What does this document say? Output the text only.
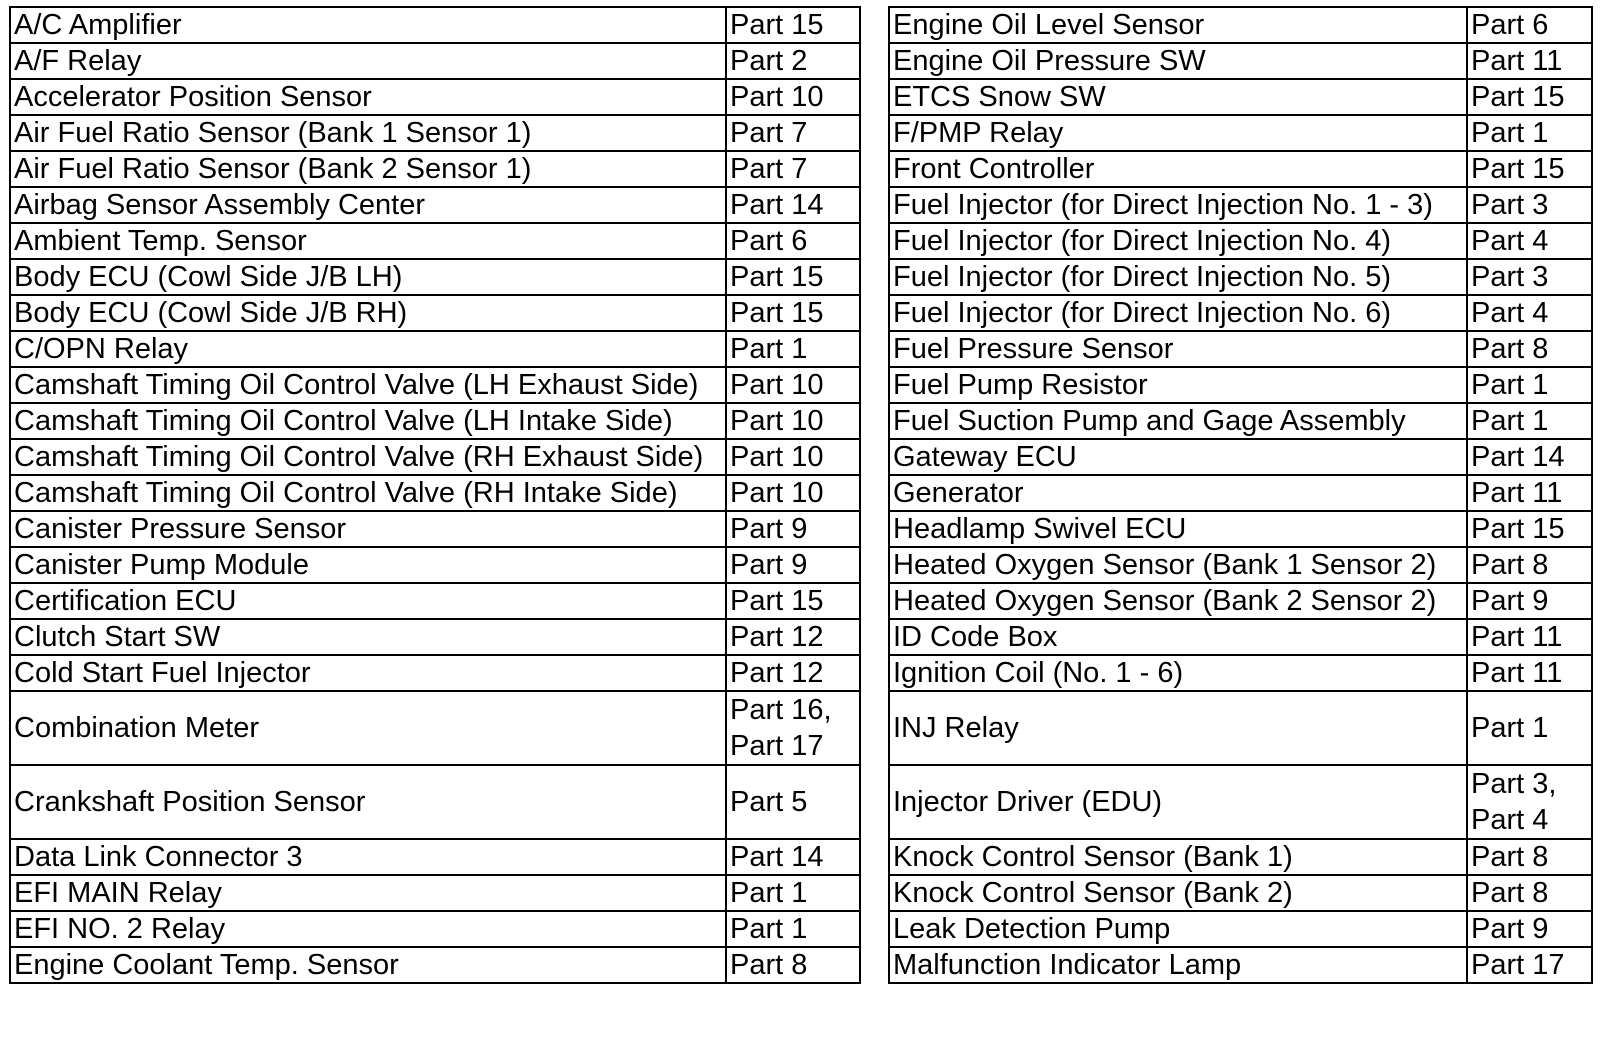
A/C Amplifier	Part 15
A/F Relay	Part 2
Accelerator Position Sensor	Part 10
Air Fuel Ratio Sensor (Bank 1 Sensor 1)	Part 7
Air Fuel Ratio Sensor (Bank 2 Sensor 1)	Part 7
Airbag Sensor Assembly Center	Part 14
Ambient Temp. Sensor	Part 6
Body ECU (Cowl Side J/B LH)	Part 15
Body ECU (Cowl Side J/B RH)	Part 15
C/OPN Relay	Part 1
Camshaft Timing Oil Control Valve (LH Exhaust Side)	Part 10
Camshaft Timing Oil Control Valve (LH Intake Side)	Part 10
Camshaft Timing Oil Control Valve (RH Exhaust Side)	Part 10
Camshaft Timing Oil Control Valve (RH Intake Side)	Part 10
Canister Pressure Sensor	Part 9
Canister Pump Module	Part 9
Certification ECU	Part 15
Clutch Start SW	Part 12
Cold Start Fuel Injector	Part 12
Combination Meter	Part 16,
Part 17

Crankshaft Position Sensor	Part 5
Data Link Connector 3	Part 14
EFI MAIN Relay	Part 1
EFI NO. 2 Relay	Part 1
Engine Coolant Temp. Sensor	Part 8
Engine Oil Level Sensor	Part 6
Engine Oil Pressure SW	Part 11
ETCS Snow SW	Part 15
F/PMP Relay	Part 1
Front Controller	Part 15
Fuel Injector (for Direct Injection No. 1 - 3)	Part 3
Fuel Injector (for Direct Injection No. 4)	Part 4
Fuel Injector (for Direct Injection No. 5)	Part 3
Fuel Injector (for Direct Injection No. 6)	Part 4
Fuel Pressure Sensor	Part 8
Fuel Pump Resistor	Part 1
Fuel Suction Pump and Gage Assembly	Part 1
Gateway ECU	Part 14
Generator	Part 11
Headlamp Swivel ECU	Part 15
Heated Oxygen Sensor (Bank 1 Sensor 2)	Part 8
Heated Oxygen Sensor (Bank 2 Sensor 2)	Part 9
ID Code Box	Part 11
Ignition Coil (No. 1 - 6)	Part 11
INJ Relay	Part 1
Injector Driver (EDU)	Part 3,
Part 4

Knock Control Sensor (Bank 1)	Part 8
Knock Control Sensor (Bank 2)	Part 8
Leak Detection Pump	Part 9
Malfunction Indicator Lamp	Part 17
